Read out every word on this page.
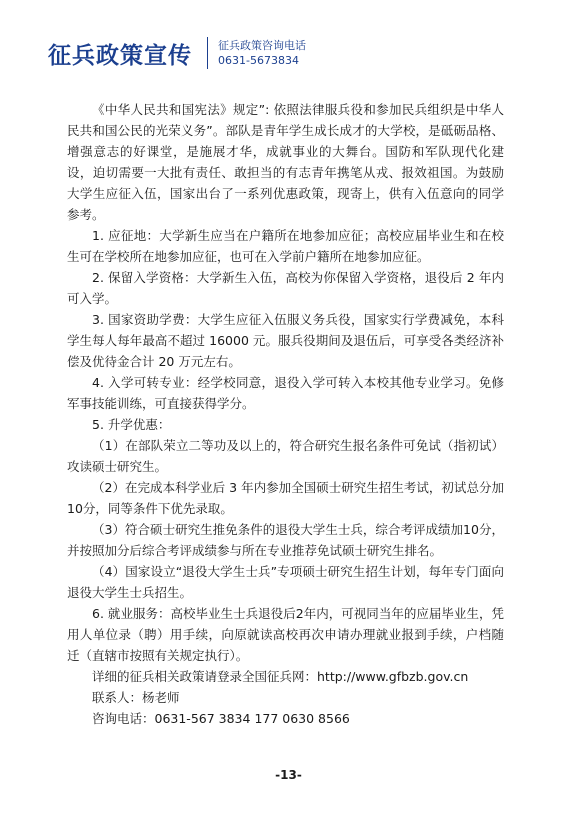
征兵政策宣传 征兵政策咨询电话
0631-5673834

《中华人民共和国宪法》规定”: 依照法律服兵役和参加民兵组织是中华人民共和国公民的光荣义务”。部队是青年学生成长成才的大学校，是砥砺品格、增强意志的好课堂，是施展才华，成就事业的大舞台。国防和军队现代化建设，迫切需要一大批有责任、敢担当的有志青年携笔从戎、报效祖国。为鼓励大学生应征入伍，国家出台了一系列优惠政策，现寄上，供有入伍意向的同学参考。

1. 应征地：大学新生应当在户籍所在地参加应征；高校应届毕业生和在校生可在学校所在地参加应征，也可在入学前户籍所在地参加应征。

2. 保留入学资格：大学新生入伍，高校为你保留入学资格，退役后 2 年内可入学。

3. 国家资助学费：大学生应征入伍服义务兵役，国家实行学费减免，本科学生每人每年最高不超过 16000 元。服兵役期间及退伍后，可享受各类经济补偿及优待金合计 20 万元左右。

4. 入学可转专业：经学校同意，退役入学可转入本校其他专业学习。免修军事技能训练，可直接获得学分。

5. 升学优惠：

（1）在部队荣立二等功及以上的，符合研究生报名条件可免试（指初试）攻读硕士研究生。

（2）在完成本科学业后 3 年内参加全国硕士研究生招生考试，初试总分加10分，同等条件下优先录取。

（3）符合硕士研究生推免条件的退役大学生士兵，综合考评成绩加10分，并按照加分后综合考评成绩参与所在专业推荐免试硕士研究生排名。

（4）国家设立“退役大学生士兵”专项硕士研究生招生计划，每年专门面向退役大学生士兵招生。

6. 就业服务：高校毕业生士兵退役后2年内，可视同当年的应届毕业生，凭用人单位录（聘）用手续，向原就读高校再次申请办理就业报到手续，户档随迁（直辖市按照有关规定执行）。

详细的征兵相关政策请登录全国征兵网：http://www.gfbzb.gov.cn

联系人：杨老师

咨询电话：0631-567 3834 177 0630 8566

-13-
